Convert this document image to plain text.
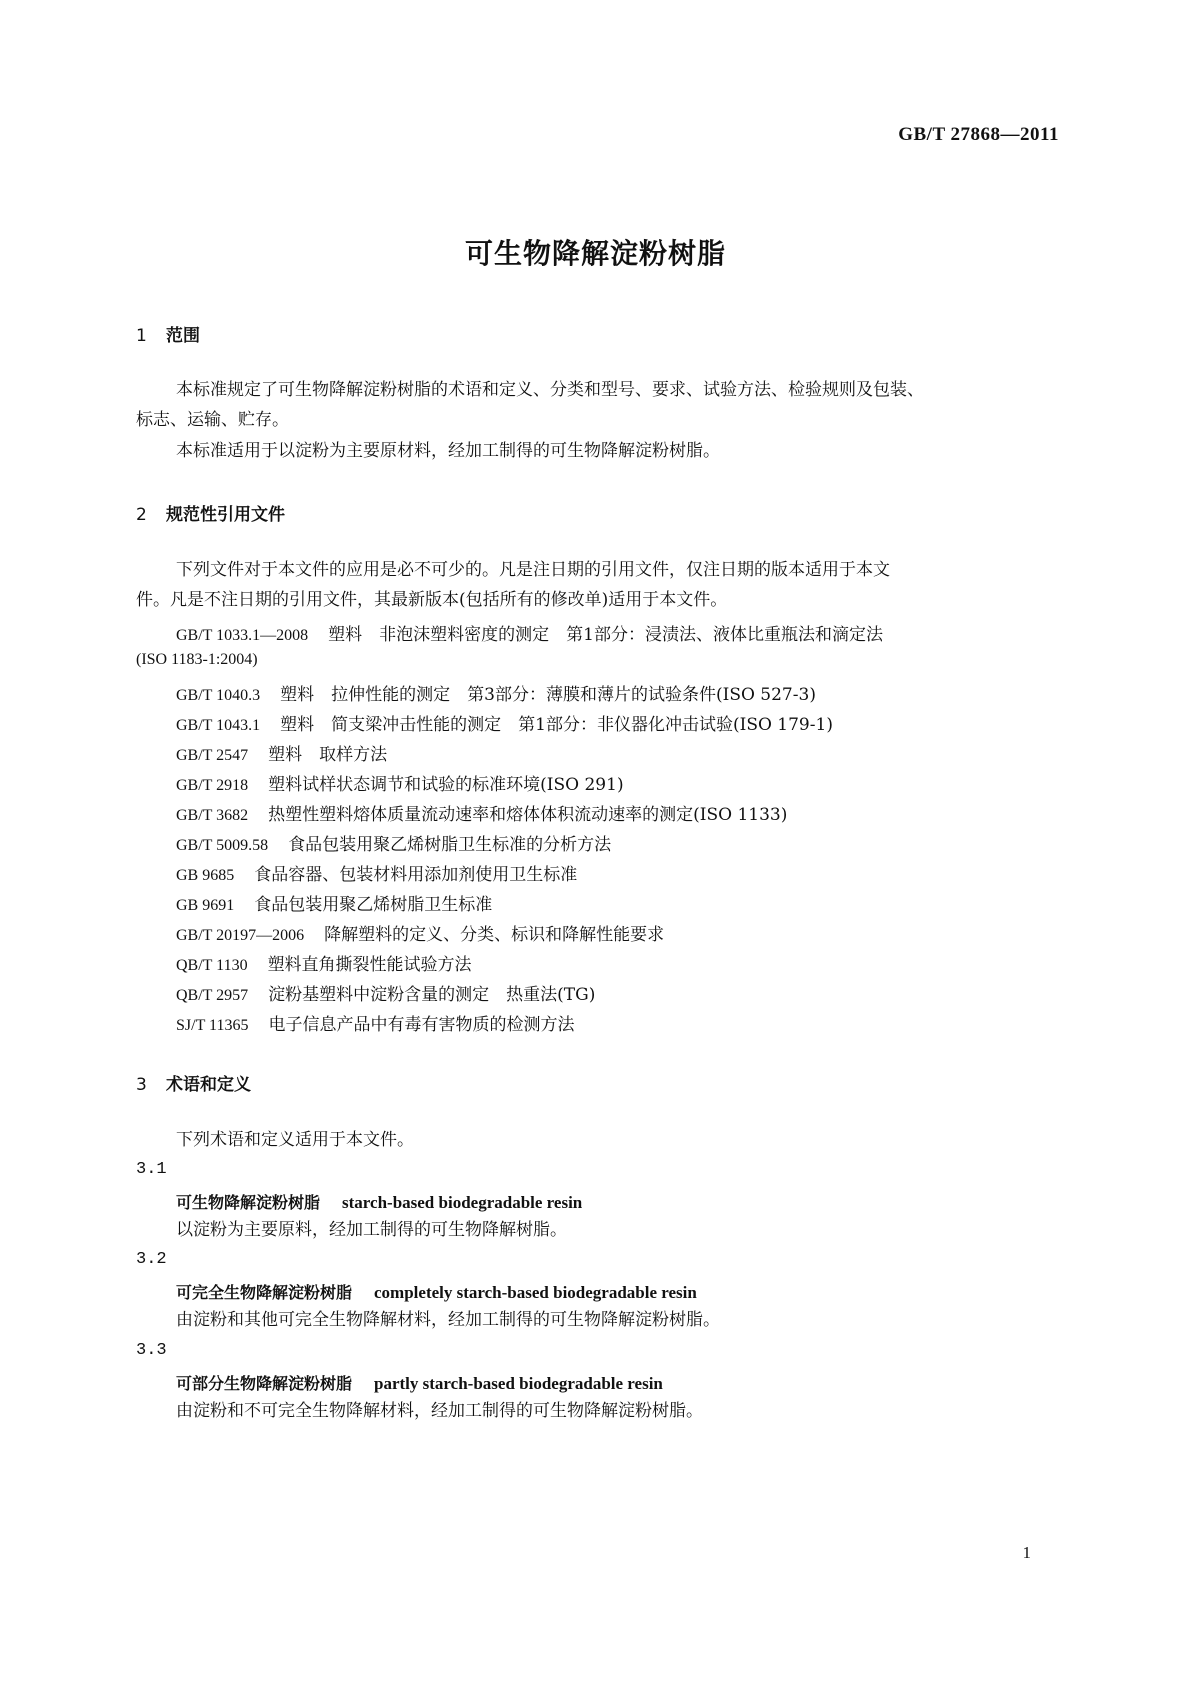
GB/T 27868—2011
可生物降解淀粉树脂
1 范围
本标准规定了可生物降解淀粉树脂的术语和定义、分类和型号、要求、试验方法、检验规则及包装、
标志、运输、贮存。
本标准适用于以淀粉为主要原材料，经加工制得的可生物降解淀粉树脂。
2 规范性引用文件
下列文件对于本文件的应用是必不可少的。凡是注日期的引用文件，仅注日期的版本适用于本文
件。凡是不注日期的引用文件，其最新版本(包括所有的修改单)适用于本文件。
GB/T 1033.1—2008 塑料　非泡沫塑料密度的测定　第1部分：浸渍法、液体比重瓶法和滴定法
(ISO 1183-1:2004)
GB/T 1040.3 塑料　拉伸性能的测定　第3部分：薄膜和薄片的试验条件(ISO 527-3)
GB/T 1043.1 塑料　简支梁冲击性能的测定　第1部分：非仪器化冲击试验(ISO 179-1)
GB/T 2547 塑料　取样方法
GB/T 2918 塑料试样状态调节和试验的标准环境(ISO 291)
GB/T 3682 热塑性塑料熔体质量流动速率和熔体体积流动速率的测定(ISO 1133)
GB/T 5009.58 食品包装用聚乙烯树脂卫生标准的分析方法
GB 9685 食品容器、包装材料用添加剂使用卫生标准
GB 9691 食品包装用聚乙烯树脂卫生标准
GB/T 20197—2006 降解塑料的定义、分类、标识和降解性能要求
QB/T 1130 塑料直角撕裂性能试验方法
QB/T 2957 淀粉基塑料中淀粉含量的测定　热重法(TG)
SJ/T 11365 电子信息产品中有毒有害物质的检测方法
3 术语和定义
下列术语和定义适用于本文件。
3.1
可生物降解淀粉树脂 starch-based biodegradable resin
以淀粉为主要原料，经加工制得的可生物降解树脂。
3.2
可完全生物降解淀粉树脂 completely starch-based biodegradable resin
由淀粉和其他可完全生物降解材料，经加工制得的可生物降解淀粉树脂。
3.3
可部分生物降解淀粉树脂 partly starch-based biodegradable resin
由淀粉和不可完全生物降解材料，经加工制得的可生物降解淀粉树脂。
1
